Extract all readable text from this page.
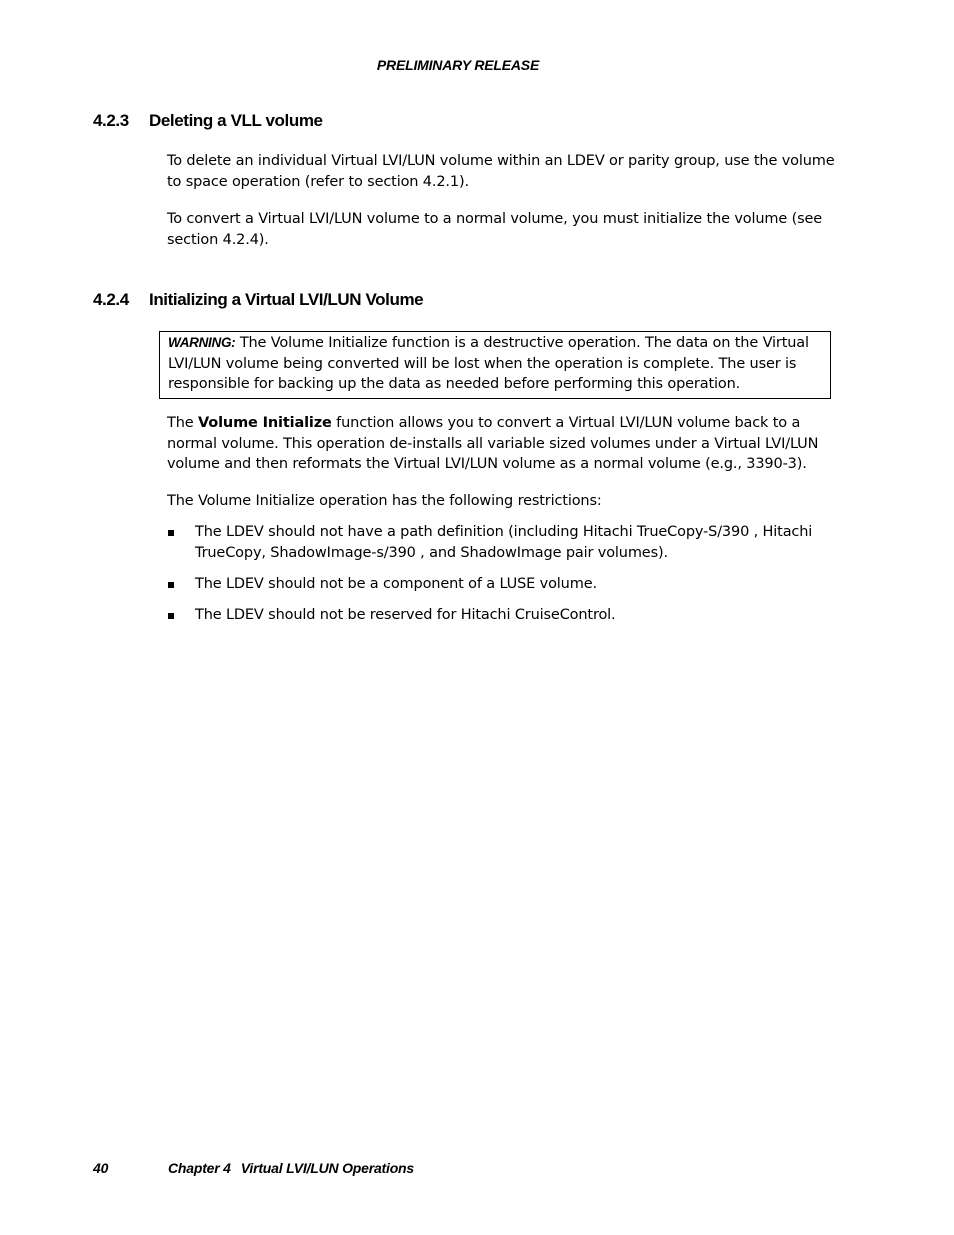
PRELIMINARY RELEASE
4.2.3 Deleting a VLL volume

To delete an individual Virtual LVI/LUN volume within an LDEV or parity group, use the volume to space operation (refer to section 4.2.1).

To convert a Virtual LVI/LUN volume to a normal volume, you must initialize the volume (see section 4.2.4).

4.2.4 Initializing a Virtual LVI/LUN Volume
WARNING: The Volume Initialize function is a destructive operation. The data on the Virtual LVI/LUN volume being converted will be lost when the operation is complete. The user is responsible for backing up the data as needed before performing this operation.

The Volume Initialize function allows you to convert a Virtual LVI/LUN volume back to a normal volume. This operation de-installs all variable sized volumes under a Virtual LVI/LUN volume and then reformats the Virtual LVI/LUN volume as a normal volume (e.g., 3390-3).

The Volume Initialize operation has the following restrictions:

The LDEV should not have a path definition (including Hitachi TrueCopy-S/390 , Hitachi TrueCopy, ShadowImage-s/390 , and ShadowImage pair volumes).
The LDEV should not be a component of a LUSE volume.
The LDEV should not be reserved for Hitachi CruiseControl.
40	Chapter 4 Virtual LVI/LUN Operations
